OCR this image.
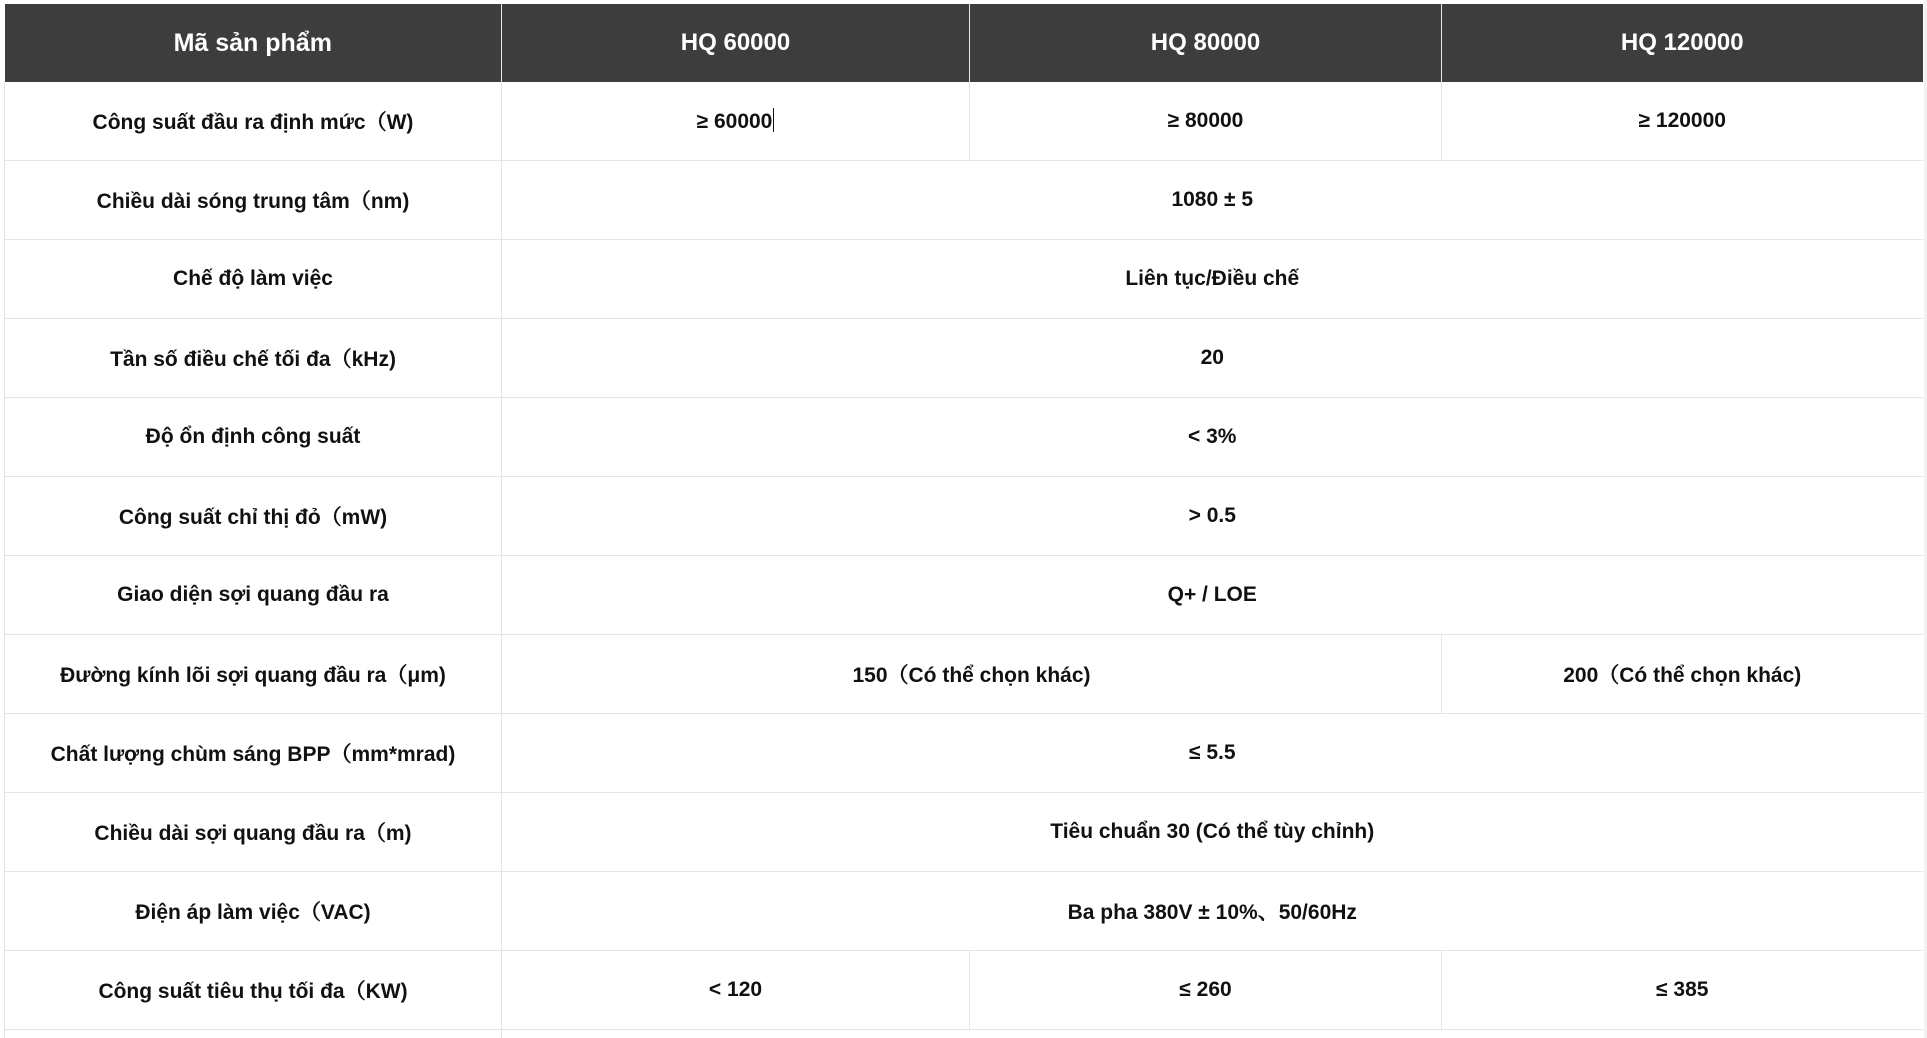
Mã sản phẩm	HQ 60000	HQ 80000	HQ 120000
Công suất đầu ra định mức（W)	≥ 60000	≥ 80000	≥ 120000
Chiều dài sóng trung tâm（nm)	1080 ± 5		
Chế độ làm việc	Liên tục/Điều chế		
Tần số điều chế tối đa（kHz)	20		
Độ ổn định công suất	< 3%		
Công suất chỉ thị đỏ（mW)	> 0.5		
Giao diện sợi quang đầu ra	Q+ / LOE		
Đường kính lõi sợi quang đầu ra（μm)	150（Có thể chọn khác)		200（Có thể chọn khác)
Chất lượng chùm sáng BPP（mm*mrad)	≤ 5.5		
Chiều dài sợi quang đầu ra（m)	Tiêu chuẩn 30 (Có thể tùy chỉnh)		
Điện áp làm việc（VAC)	Ba pha 380V ± 10%、50/60Hz		
Công suất tiêu thụ tối đa（KW)	< 120	≤ 260	≤ 385
